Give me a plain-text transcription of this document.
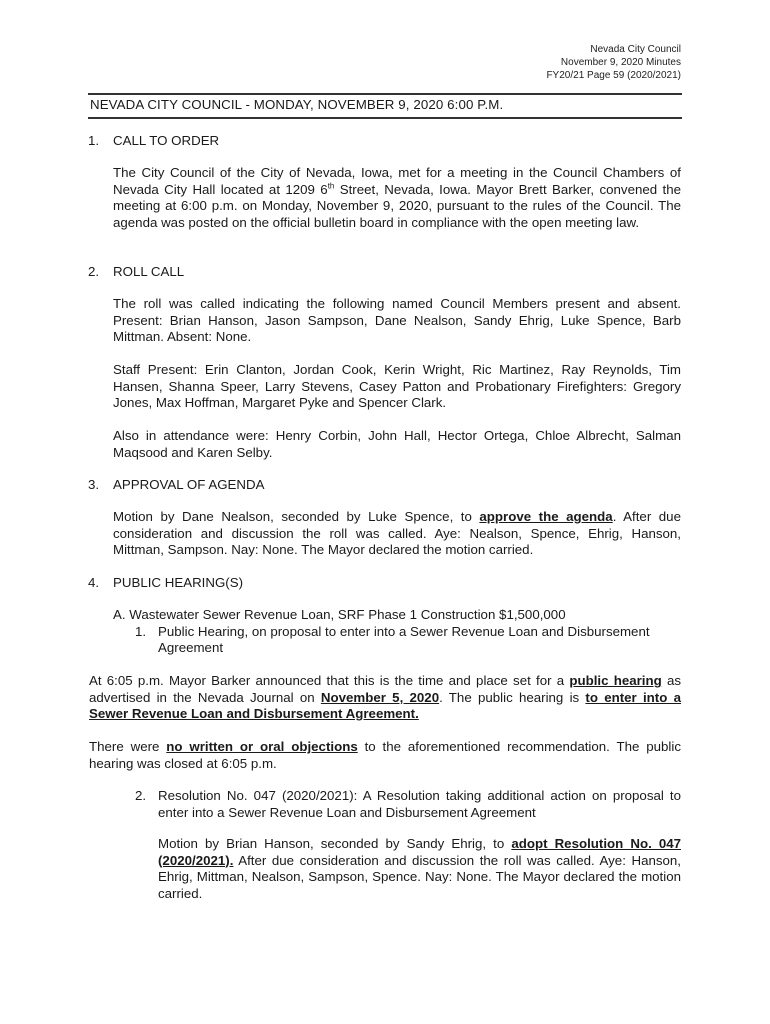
Nevada City Council
November 9, 2020 Minutes
FY20/21 Page 59 (2020/2021)
NEVADA CITY COUNCIL - MONDAY, NOVEMBER 9, 2020 6:00 P.M.
1. CALL TO ORDER
The City Council of the City of Nevada, Iowa, met for a meeting in the Council Chambers of Nevada City Hall located at 1209 6th Street, Nevada, Iowa. Mayor Brett Barker, convened the meeting at 6:00 p.m. on Monday, November 9, 2020, pursuant to the rules of the Council. The agenda was posted on the official bulletin board in compliance with the open meeting law.
2. ROLL CALL
The roll was called indicating the following named Council Members present and absent. Present: Brian Hanson, Jason Sampson, Dane Nealson, Sandy Ehrig, Luke Spence, Barb Mittman. Absent: None.
Staff Present: Erin Clanton, Jordan Cook, Kerin Wright, Ric Martinez, Ray Reynolds, Tim Hansen, Shanna Speer, Larry Stevens, Casey Patton and Probationary Firefighters: Gregory Jones, Max Hoffman, Margaret Pyke and Spencer Clark.
Also in attendance were: Henry Corbin, John Hall, Hector Ortega, Chloe Albrecht, Salman Maqsood and Karen Selby.
3. APPROVAL OF AGENDA
Motion by Dane Nealson, seconded by Luke Spence, to approve the agenda. After due consideration and discussion the roll was called. Aye: Nealson, Spence, Ehrig, Hanson, Mittman, Sampson. Nay: None. The Mayor declared the motion carried.
4. PUBLIC HEARING(S)
A. Wastewater Sewer Revenue Loan, SRF Phase 1 Construction $1,500,000
1. Public Hearing, on proposal to enter into a Sewer Revenue Loan and Disbursement Agreement
At 6:05 p.m. Mayor Barker announced that this is the time and place set for a public hearing as advertised in the Nevada Journal on November 5, 2020. The public hearing is to enter into a Sewer Revenue Loan and Disbursement Agreement.
There were no written or oral objections to the aforementioned recommendation. The public hearing was closed at 6:05 p.m.
2. Resolution No. 047 (2020/2021): A Resolution taking additional action on proposal to enter into a Sewer Revenue Loan and Disbursement Agreement
Motion by Brian Hanson, seconded by Sandy Ehrig, to adopt Resolution No. 047 (2020/2021). After due consideration and discussion the roll was called. Aye: Hanson, Ehrig, Mittman, Nealson, Sampson, Spence. Nay: None. The Mayor declared the motion carried.
